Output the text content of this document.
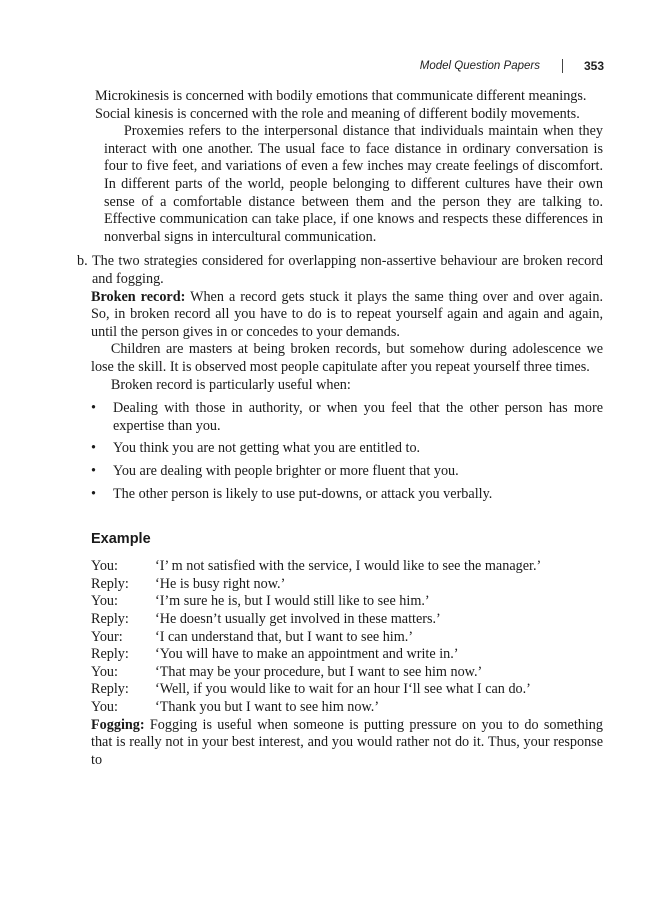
Model Question Papers	353

Microkinesis is concerned with bodily emotions that communicate different meanings.

Social kinesis is concerned with the role and meaning of different bodily movements.

Proxemies refers to the interpersonal distance that individuals maintain when they interact with one another. The usual face to face distance in ordinary conversation is four to five feet, and variations of even a few inches may create feelings of discomfort. In different parts of the world, people belonging to different cultures have their own sense of a comfortable distance between them and the person they are talking to. Effective communication can take place, if one knows and respects these differences in nonverbal signs in intercultural communication.

b. The two strategies considered for overlapping non-assertive behaviour are broken record and fogging.

Broken record: When a record gets stuck it plays the same thing over and over again. So, in broken record all you have to do is to repeat yourself again and again and again, until the person gives in or concedes to your demands.

Children are masters at being broken records, but somehow during adolescence we lose the skill. It is observed most people capitulate after you repeat yourself three times.

Broken record is particularly useful when:

• Dealing with those in authority, or when you feel that the other person has more expertise than you.
• You think you are not getting what you are entitled to.
• You are dealing with people brighter or more fluent that you.
• The other person is likely to use put-downs, or attack you verbally.
Example
You:	‘I’ m not satisfied with the service, I would like to see the manager.’
Reply:	‘He is busy right now.’
You:	‘I’m sure he is, but I would still like to see him.’
Reply:	‘He doesn’t usually get involved in these matters.’
Your:	‘I can understand that, but I want to see him.’
Reply:	‘You will have to make an appointment and write in.’
You:	‘That may be your procedure, but I want to see him now.’
Reply:	‘Well, if you would like to wait for an hour I‘ll see what I can do.’
You:	‘Thank you but I want to see him now.’

Fogging: Fogging is useful when someone is putting pressure on you to do something that is really not in your best interest, and you would rather not do it. Thus, your response to
